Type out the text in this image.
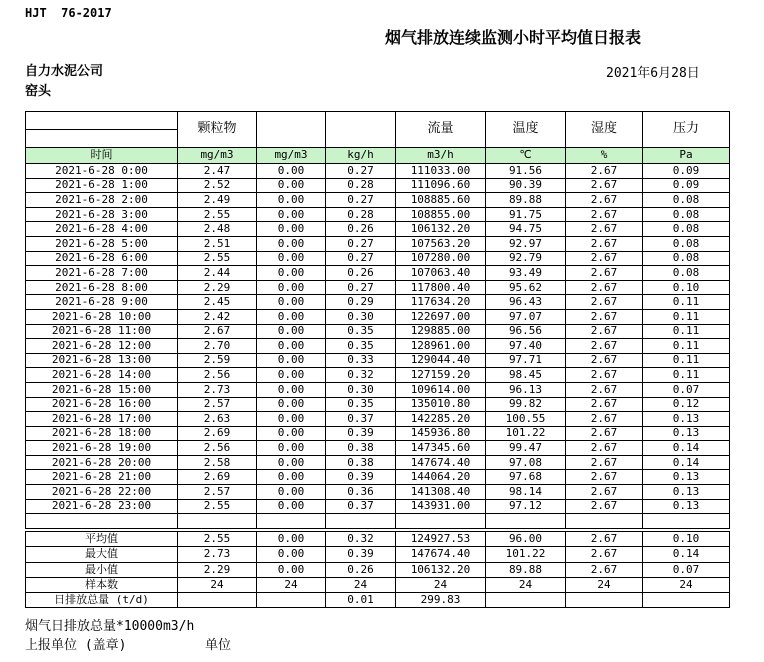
HJT  76-2017
烟气排放连续监测小时平均值日报表
自力水泥公司	2021年6月28日
窑头
	颗粒物			流量	温度	湿度	压力

时间	mg/m3	mg/m3	kg/h	m3/h	℃	%	Pa
2021-6-28 0:00	2.47	0.00	0.27	111033.00	91.56	2.67	0.09
2021-6-28 1:00	2.52	0.00	0.28	111096.60	90.39	2.67	0.09
2021-6-28 2:00	2.49	0.00	0.27	108885.60	89.88	2.67	0.08
2021-6-28 3:00	2.55	0.00	0.28	108855.00	91.75	2.67	0.08
2021-6-28 4:00	2.48	0.00	0.26	106132.20	94.75	2.67	0.08
2021-6-28 5:00	2.51	0.00	0.27	107563.20	92.97	2.67	0.08
2021-6-28 6:00	2.55	0.00	0.27	107280.00	92.79	2.67	0.08
2021-6-28 7:00	2.44	0.00	0.26	107063.40	93.49	2.67	0.08
2021-6-28 8:00	2.29	0.00	0.27	117800.40	95.62	2.67	0.10
2021-6-28 9:00	2.45	0.00	0.29	117634.20	96.43	2.67	0.11
2021-6-28 10:00	2.42	0.00	0.30	122697.00	97.07	2.67	0.11
2021-6-28 11:00	2.67	0.00	0.35	129885.00	96.56	2.67	0.11
2021-6-28 12:00	2.70	0.00	0.35	128961.00	97.40	2.67	0.11
2021-6-28 13:00	2.59	0.00	0.33	129044.40	97.71	2.67	0.11
2021-6-28 14:00	2.56	0.00	0.32	127159.20	98.45	2.67	0.11
2021-6-28 15:00	2.73	0.00	0.30	109614.00	96.13	2.67	0.07
2021-6-28 16:00	2.57	0.00	0.35	135010.80	99.82	2.67	0.12
2021-6-28 17:00	2.63	0.00	0.37	142285.20	100.55	2.67	0.13
2021-6-28 18:00	2.69	0.00	0.39	145936.80	101.22	2.67	0.13
2021-6-28 19:00	2.56	0.00	0.38	147345.60	99.47	2.67	0.14
2021-6-28 20:00	2.58	0.00	0.38	147674.40	97.08	2.67	0.14
2021-6-28 21:00	2.69	0.00	0.39	144064.20	97.68	2.67	0.13
2021-6-28 22:00	2.57	0.00	0.36	141308.40	98.14	2.67	0.13
2021-6-28 23:00	2.55	0.00	0.37	143931.00	97.12	2.67	0.13

平均值	2.55	0.00	0.32	124927.53	96.00	2.67	0.10
最大值	2.73	0.00	0.39	147674.40	101.22	2.67	0.14
最小值	2.29	0.00	0.26	106132.20	89.88	2.67	0.07
样本数	24	24	24	24	24	24	24
日排放总量 (t/d)			0.01	299.83			
烟气日排放总量*10000m3/h
上报单位 (盖章)	单位
